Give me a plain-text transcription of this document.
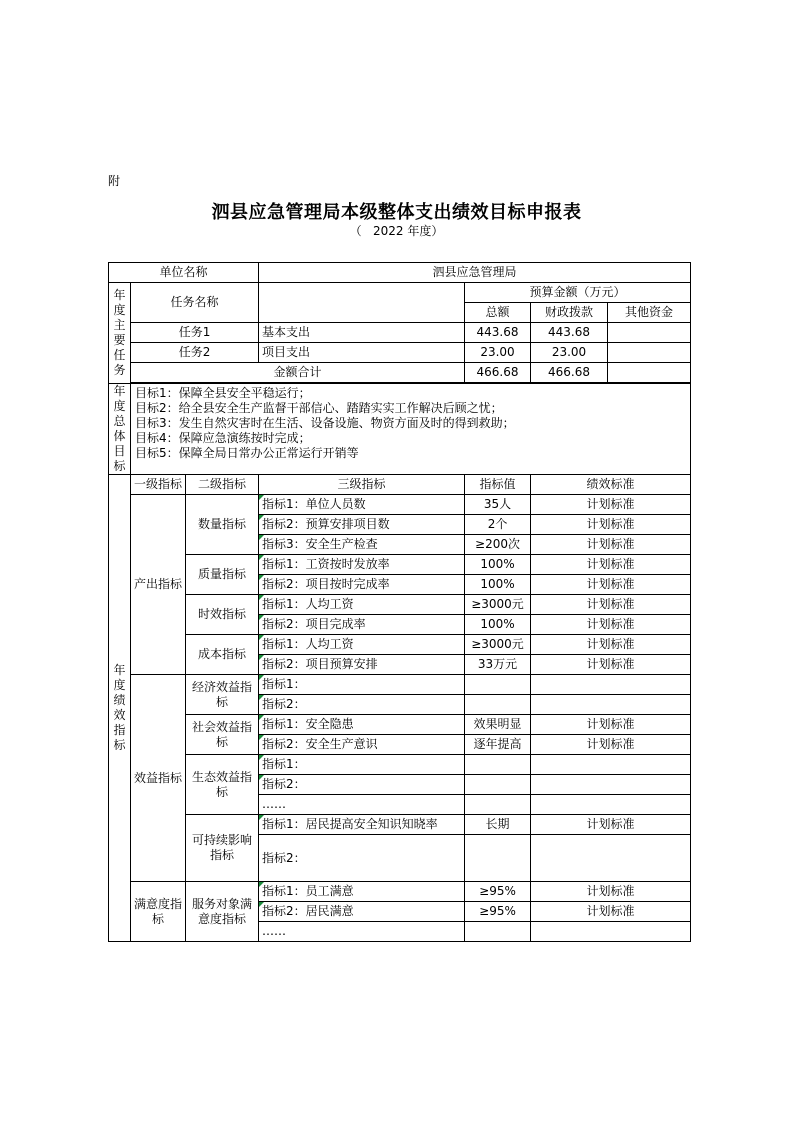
附
泗县应急管理局本级整体支出绩效目标申报表
（ 2022 年度）
单位名称			泗县应急管理局			
年度主要任务	任务名称			预算金额（万元）		
				总额	财政拨款	其他资金
	任务1		基本支出	443.68	443.68	
	任务2		项目支出	23.00	23.00	
	金额合计			466.68	466.68	

年度总体目标	目标1：保障全县安全平稳运行；
目标2：给全县安全生产监督干部信心、踏踏实实工作解决后顾之忧；
目标3：发生自然灾害时在生活、设备设施、物资方面及时的得到救助；
目标4：保障应急演练按时完成；
目标5：保障全局日常办公正常运行开销等					

年度绩效指标	一级指标	二级指标	三级指标	指标值	绩效标准	
	产出指标	数量指标	指标1：单位人员数	35人	计划标准	
			指标2：预算安排项目数	2个	计划标准	
			指标3：安全生产检查	≥200次	计划标准	
		质量指标	指标1：工资按时发放率	100%	计划标准	
			指标2：项目按时完成率	100%	计划标准	
		时效指标	指标1：人均工资	≥3000元	计划标准	
			指标2：项目完成率	100%	计划标准	
		成本指标	指标1：人均工资	≥3000元	计划标准	
			指标2：项目预算安排	33万元	计划标准	
	效益指标	经济效益指标	指标1：			
			指标2：			
		社会效益指标	指标1：安全隐患	效果明显	计划标准	
			指标2：安全生产意识	逐年提高	计划标准	
		生态效益指标	指标1：			
			指标2：			
			……			
		可持续影响指标	指标1：居民提高安全知识知晓率	长期	计划标准	
			指标2：			

	满意度指标	服务对象满意度指标	指标1：员工满意	≥95%	计划标准	
			指标2：居民满意	≥95%	计划标准	
			……			
